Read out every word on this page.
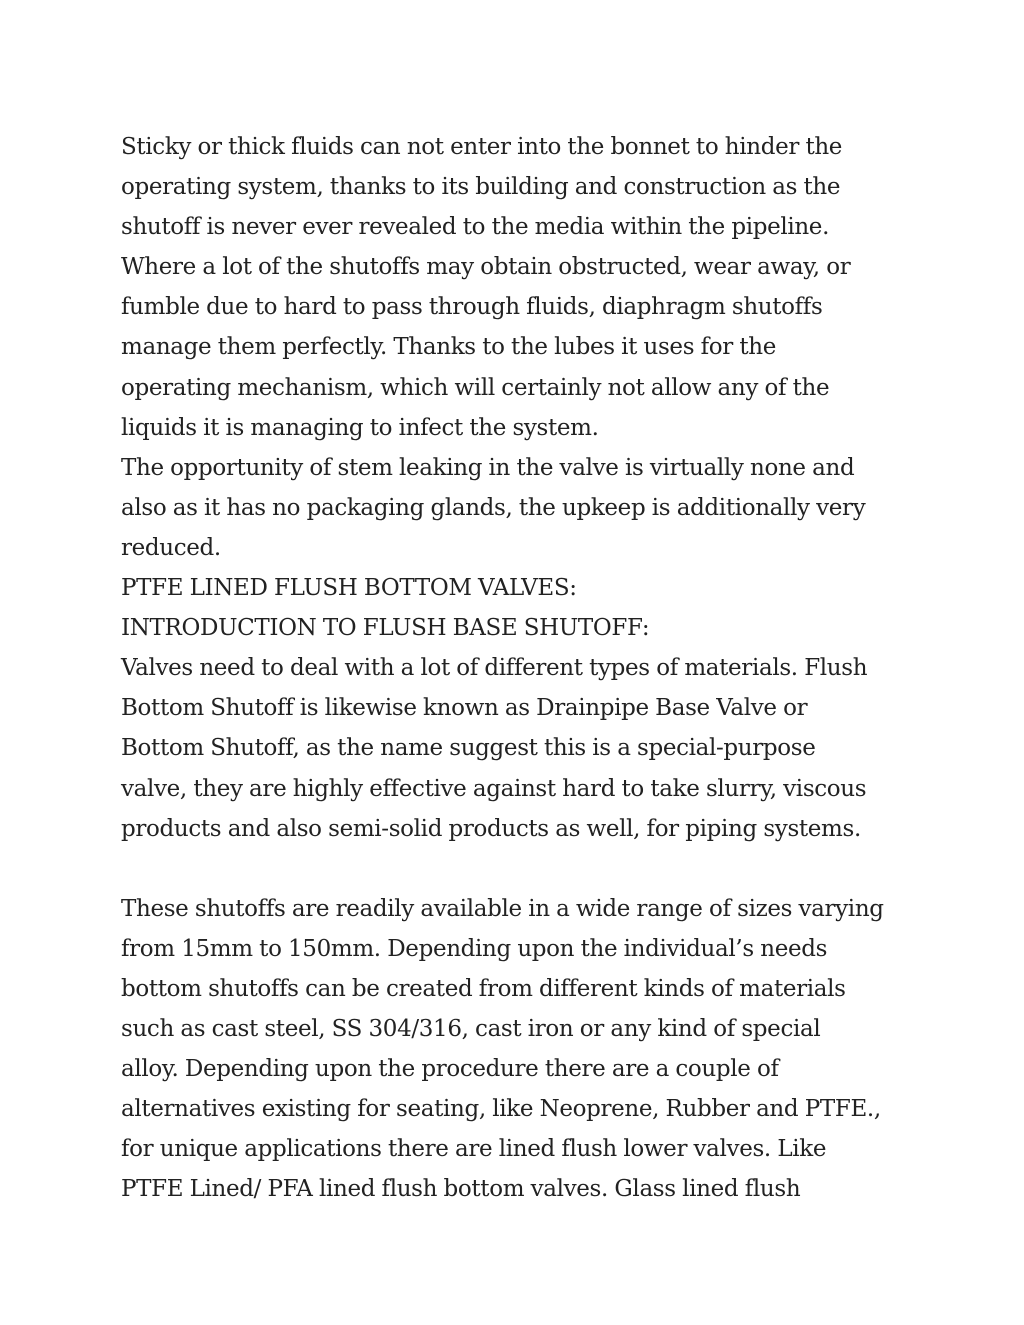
Sticky or thick fluids can not enter into the bonnet to hinder the
operating system, thanks to its building and construction as the
shutoff is never ever revealed to the media within the pipeline.
Where a lot of the shutoffs may obtain obstructed, wear away, or
fumble due to hard to pass through fluids, diaphragm shutoffs
manage them perfectly. Thanks to the lubes it uses for the
operating mechanism, which will certainly not allow any of the
liquids it is managing to infect the system.
The opportunity of stem leaking in the valve is virtually none and
also as it has no packaging glands, the upkeep is additionally very
reduced.
PTFE LINED FLUSH BOTTOM VALVES:
INTRODUCTION TO FLUSH BASE SHUTOFF:
Valves need to deal with a lot of different types of materials. Flush
Bottom Shutoff is likewise known as Drainpipe Base Valve or
Bottom Shutoff, as the name suggest this is a special-purpose
valve, they are highly effective against hard to take slurry, viscous
products and also semi-solid products as well, for piping systems.
These shutoffs are readily available in a wide range of sizes varying
from 15mm to 150mm. Depending upon the individual’s needs
bottom shutoffs can be created from different kinds of materials
such as cast steel, SS 304/316, cast iron or any kind of special
alloy. Depending upon the procedure there are a couple of
alternatives existing for seating, like Neoprene, Rubber and PTFE.,
for unique applications there are lined flush lower valves. Like
PTFE Lined/ PFA lined flush bottom valves. Glass lined flush
